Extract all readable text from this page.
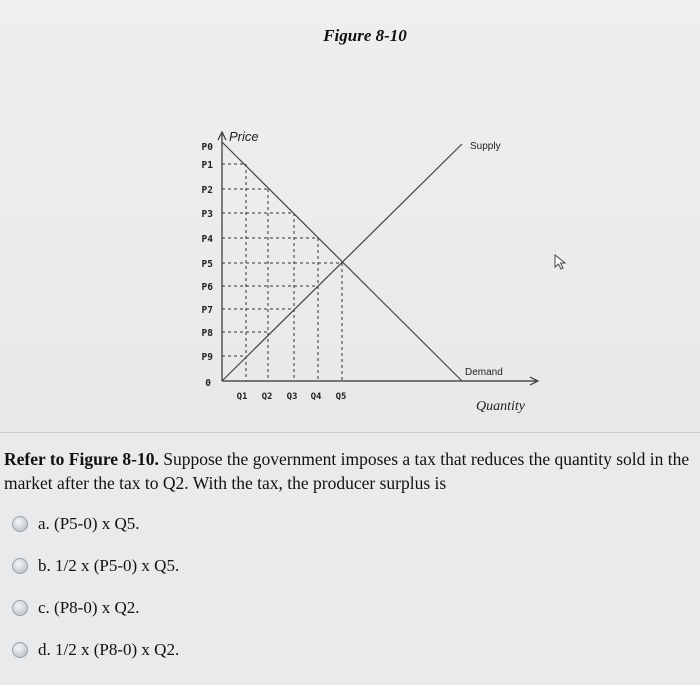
Figure 8-10
Price
Quantity
Supply
Demand
P0
P1
P2
P3
P4
P5
P6
P7
P8
P9
0
Q1 Q2 Q3 Q4 Q5
Refer to Figure 8-10. Suppose the government imposes a tax that reduces the quantity sold in the market after the tax to Q2. With the tax, the producer surplus is
a. (P5-0) x Q5.
b. 1/2 x (P5-0) x Q5.
c. (P8-0) x Q2.
d. 1/2 x (P8-0) x Q2.
